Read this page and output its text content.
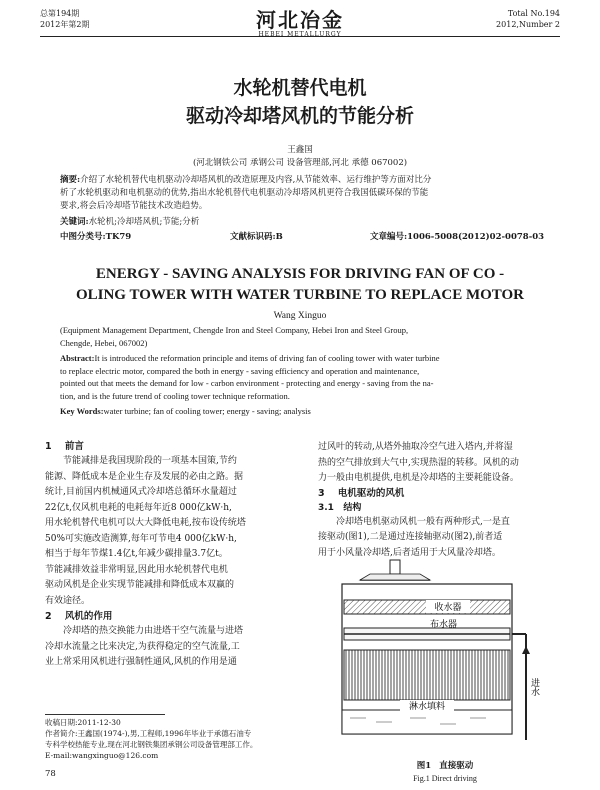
总第194期
2012年第2期	河北冶金
HEBEI METALLURGY
Total No.194
2012,Number 2
水轮机替代电机
驱动冷却塔风机的节能分析
王鑫国
(河北钢铁公司 承钢公司 设备管理部,河北 承德 067002)
摘要:介绍了水轮机替代电机驱动冷却塔风机的改造原理及内容,从节能效率、运行维护等方面对比分
析了水轮机驱动和电机驱动的优势,指出水轮机替代电机驱动冷却塔风机更符合我国低碳环保的节能
要求,将会后冷却塔节能技术改造趋势。
关键词:水轮机;冷却塔风机;节能;分析
中图分类号:TK79	文献标识码:B	文章编号:1006-5008(2012)02-0078-03
ENERGY - SAVING ANALYSIS FOR DRIVING FAN OF CO -
OLING TOWER WITH WATER TURBINE TO REPLACE MOTOR
Wang Xinguo
(Equipment Management Department, Chengde Iron and Steel Company, Hebei Iron and Steel Group,
Chengde, Hebei, 067002)
Abstract:It is introduced the reformation principle and items of driving fan of cooling tower with water turbine
to replace electric motor, compared the both in energy - saving efficiency and operation and maintenance,
pointed out that meets the demand for low - carbon environment - protecting and energy - saving from the na-
tion, and is the future trend of cooling tower technique reformation.
Key Words:water turbine; fan of cooling tower; energy - saving; analysis
1 前言
节能减排是我国现阶段的一项基本国策,节约
能源、降低成本是企业生存及发展的必由之路。据
统计,目前国内机械通风式冷却塔总循环水量超过
22亿t,仅风机电耗的电耗每年近8 000亿kW·h,
用水轮机替代电机可以大大降低电耗,按布设传统塔
50%可实施改造测算,每年可节电4 000亿kW·h,
相当于每年节煤1.4亿t,年减少碳排量3.7亿t。
节能减排效益非常明显,因此用水轮机替代电机
驱动风机是企业实现节能减排和降低成本双赢的
有效途径。
2 风机的作用
冷却塔的热交换能力由进塔干空气流量与进塔
冷却水流量之比来决定,为获得稳定的空气流量,工
业上常采用风机进行强制性通风,风机的作用是通
收稿日期:2011-12-30
作者简介:王鑫国(1974-),男,工程师,1996年毕业于承德石油专
专科学校热能专业,现在河北钢铁集团承钢公司设备管理部工作。
E-mail:wangxinguo@126.com
78
过风叶的转动,从塔外抽取冷空气进入塔内,并将湿
热的空气排放到大气中,实现热湿的转移。风机的动
力一般由电机提供,电机是冷却塔的主要耗能设备。
3 电机驱动的风机
3.1 结构
冷却塔电机驱动风机一般有两种形式,一是直
接驱动(图1),二是通过连接轴驱动(图2),前者适
用于小风量冷却塔,后者适用于大风量冷却塔。
收水器
布水器
淋水填料
进水
图1 直接驱动
Fig.1 Direct driving
